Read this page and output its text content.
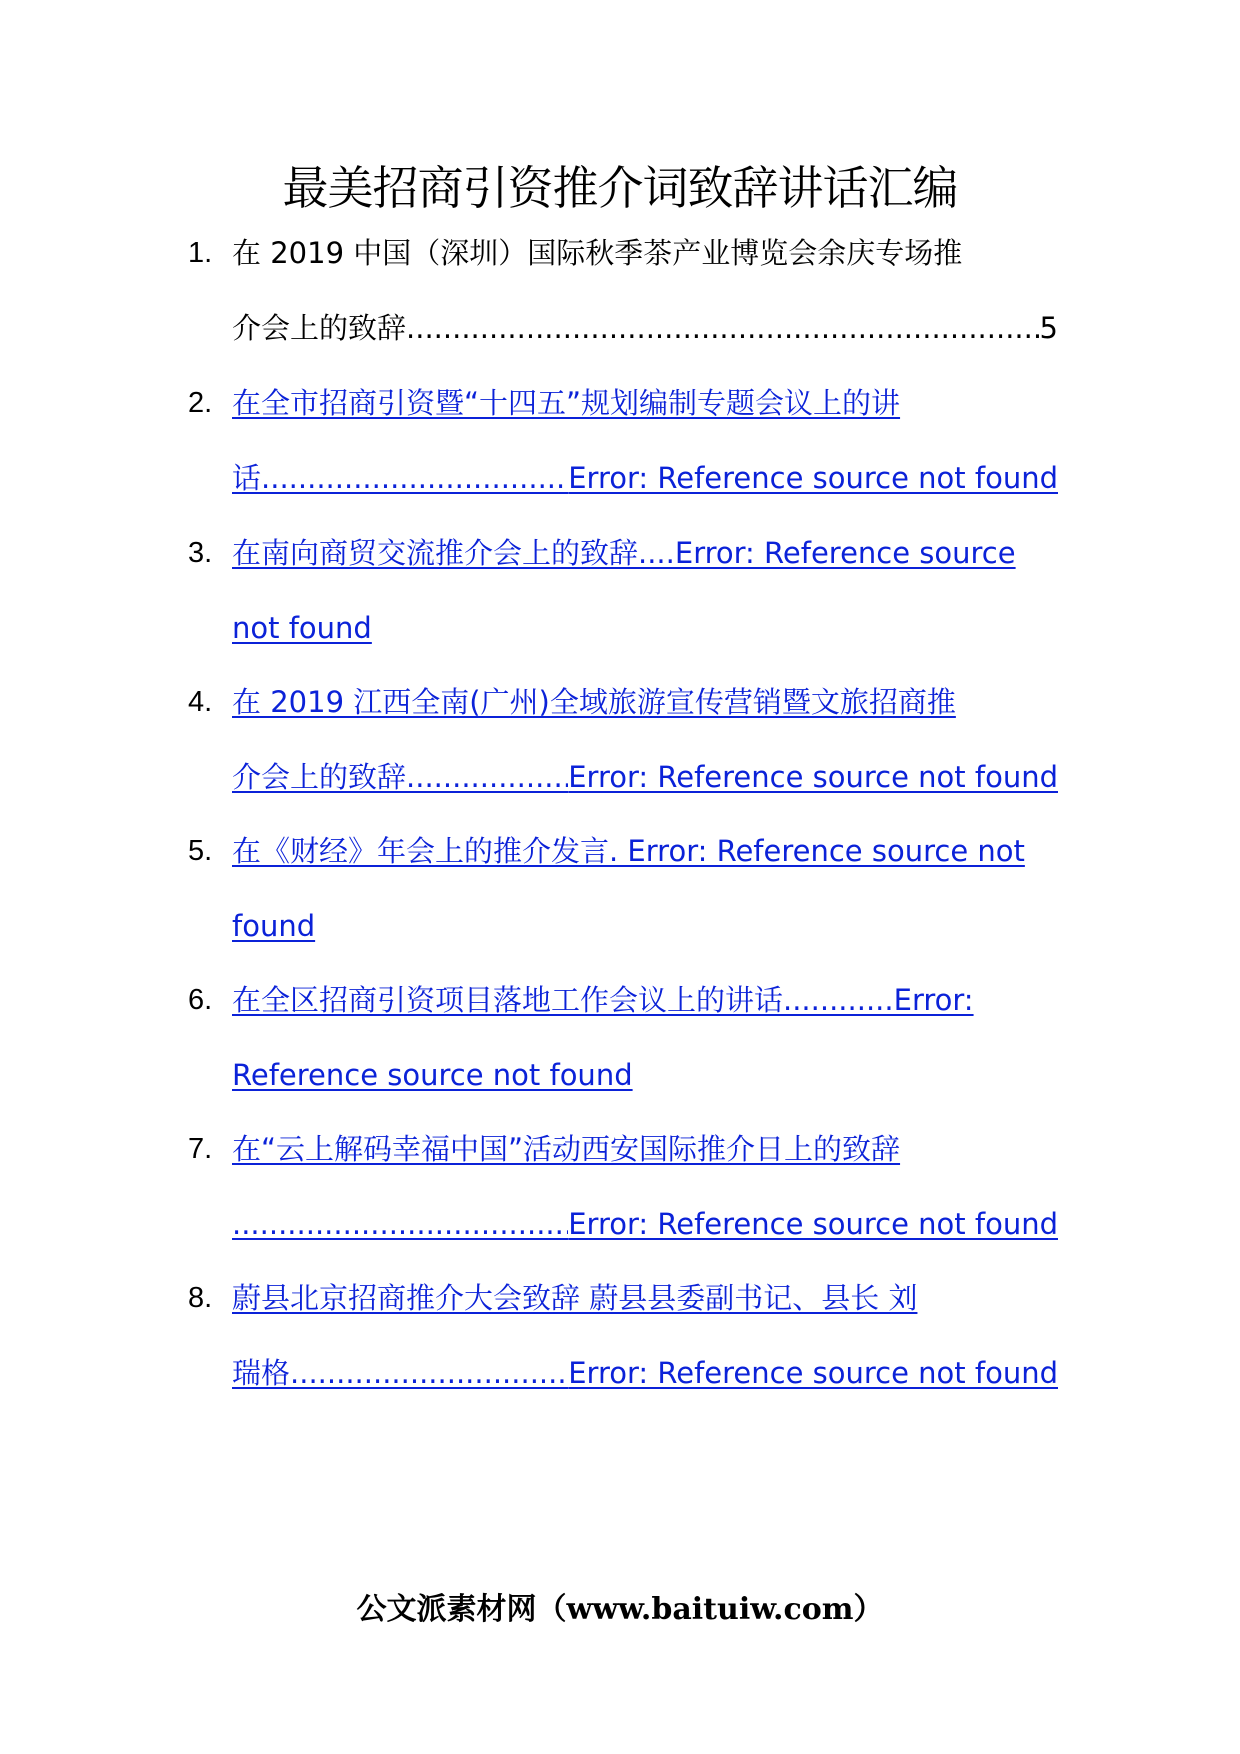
最美招商引资推介词致辞讲话汇编
1. 在 2019 中国（深圳）国际秋季茶产业博览会余庆专场推
介会上的致辞 .....	5
2. 在全市招商引资暨“十四五”规划编制专题会议上的讲
话 .....	Error: Reference source not found
3. 在南向商贸交流推介会上的致辞....Error: Reference source
not found
4. 在 2019 江西全南(广州)全域旅游宣传营销暨文旅招商推
介会上的致辞 .....	Error: Reference source not found
5. 在《财经》年会上的推介发言. Error: Reference source not
found
6. 在全区招商引资项目落地工作会议上的讲话............Error:
Reference source not found
7. 在“云上解码幸福中国”活动西安国际推介日上的致辞
.....
Error: Reference source not found
8. 蔚县北京招商推介大会致辞 蔚县县委副书记、县长 刘
瑞格 .....	Error: Reference source not found
公文派素材网（www.baituiw.com）
